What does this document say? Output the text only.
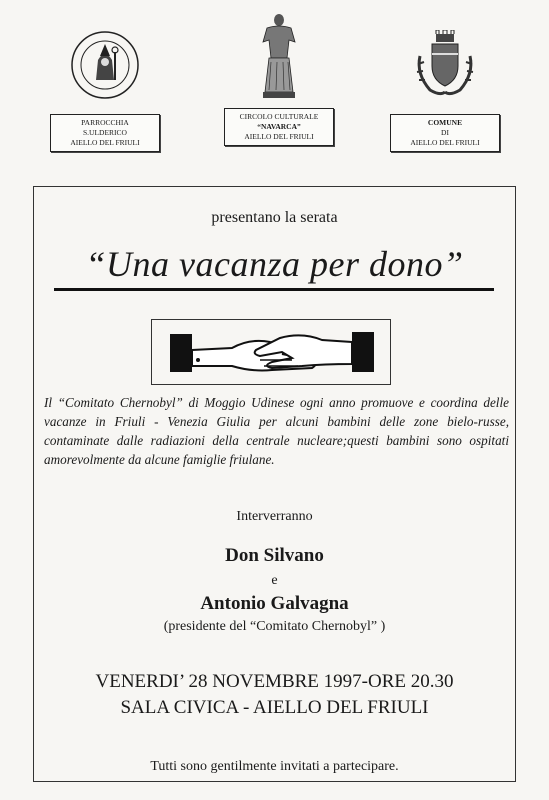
PARROCCHIA
S.ULDERICO
AIELLO DEL FRIULI
CIRCOLO CULTURALE
“NAVARCA”
AIELLO DEL FRIULI
COMUNE
DI
AIELLO DEL FRIULI
presentano la serata
“Una vacanza per dono”
Il “Comitato Chernobyl” di Moggio Udinese ogni anno promuove e coordina delle vacanze in Friuli - Venezia Giulia per alcuni bambini delle zone bielo-russe, contaminate dalle radiazioni della centrale nucleare;questi bambini sono ospitati amorevolmente da alcune famiglie friulane.
Interverranno
Don Silvano
e
Antonio Galvagna
(presidente del “Comitato Chernobyl” )
VENERDI’ 28 NOVEMBRE 1997-ORE 20.30
SALA CIVICA - AIELLO DEL FRIULI
Tutti sono gentilmente invitati a partecipare.
